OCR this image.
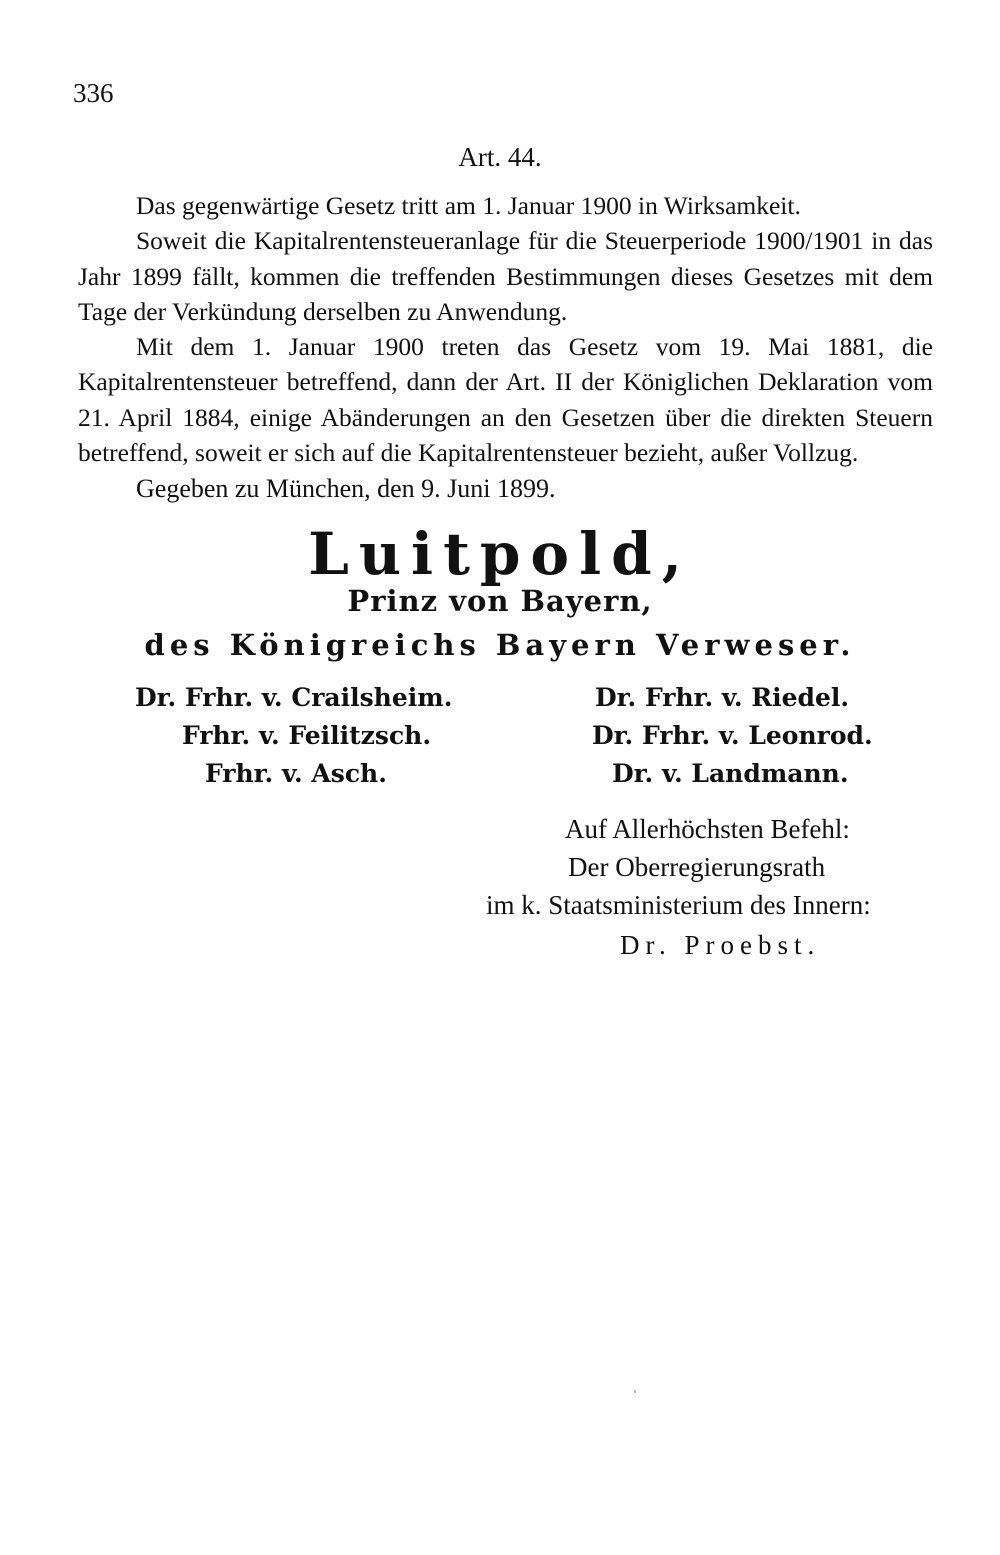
336
Art. 44.

Das gegenwärtige Gesetz tritt am 1. Januar 1900 in Wirksamkeit.

Soweit die Kapitalrentensteueranlage für die Steuerperiode 1900/1901 in das Jahr 1899 fällt, kommen die treffenden Bestimmungen dieses Gesetzes mit dem Tage der Verkündung derselben zu Anwendung.

Mit dem 1. Januar 1900 treten das Gesetz vom 19. Mai 1881, die Kapitalrentensteuer betreffend, dann der Art. II der Königlichen Deklaration vom 21. April 1884, einige Abänderungen an den Gesetzen über die direkten Steuern betreffend, soweit er sich auf die Kapitalrentensteuer bezieht, außer Vollzug.

Gegeben zu München, den 9. Juni 1899.
Luitpold,
Prinz von Bayern,
des Königreichs Bayern Verweser.
Dr. Frhr. v. Crailsheim.
Frhr. v. Feilitzsch.
Frhr. v. Asch.
Dr. Frhr. v. Riedel.
Dr. Frhr. v. Leonrod.
Dr. v. Landmann.
Auf Allerhöchsten Befehl:
Der Oberregierungsrath
im k. Staatsministerium des Innern:
Dr. Proebst.
